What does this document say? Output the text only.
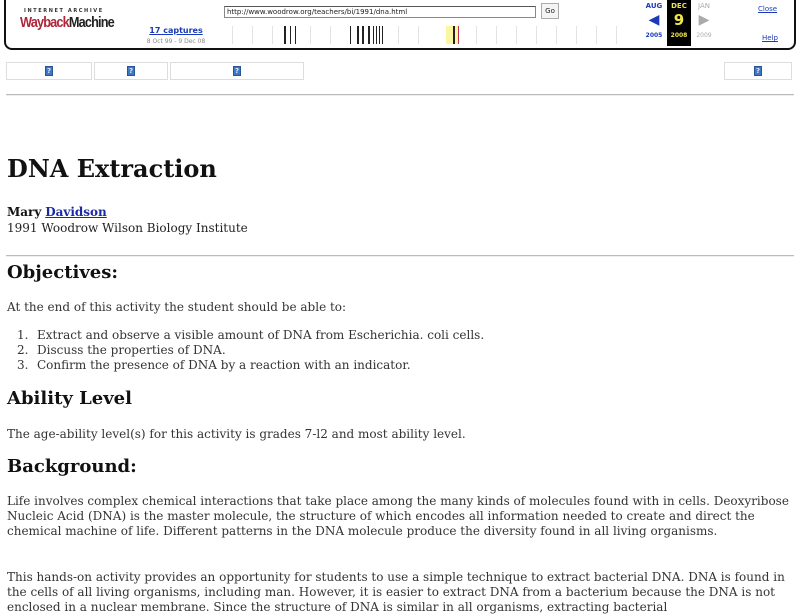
INTERNET ARCHIVE
WaybackMachine	17 captures
8 Oct 99 - 9 Dec 08
http://www.woodrow.org/teachers/bi/1991/dna.html	Go
AUG
◀
2005
DEC
9
2008
JAN
▶
2009
Close
Help
?	?	?	?
DNA Extraction
Mary Davidson
1991 Woodrow Wilson Biology Institute
Objectives:

At the end of this activity the student should be able to:

1. Extract and observe a visible amount of DNA from Escherichia. coli cells.
2. Discuss the properties of DNA.
3. Confirm the presence of DNA by a reaction with an indicator.
Ability Level

The age-ability level(s) for this activity is grades 7-l2 and most ability level.

Background:

Life involves complex chemical interactions that take place among the many kinds of molecules found with in cells. Deoxyribose Nucleic Acid (DNA) is the master molecule, the structure of which encodes all information needed to create and direct the chemical machine of life. Different patterns in the DNA molecule produce the diversity found in all living organisms.

This hands-on activity provides an opportunity for students to use a simple technique to extract bacterial DNA. DNA is found in the cells of all living organisms, including man. However, it is easier to extract DNA from a bacterium because the DNA is not enclosed in a nuclear membrane. Since the structure of DNA is similar in all organisms, extracting bacterial
